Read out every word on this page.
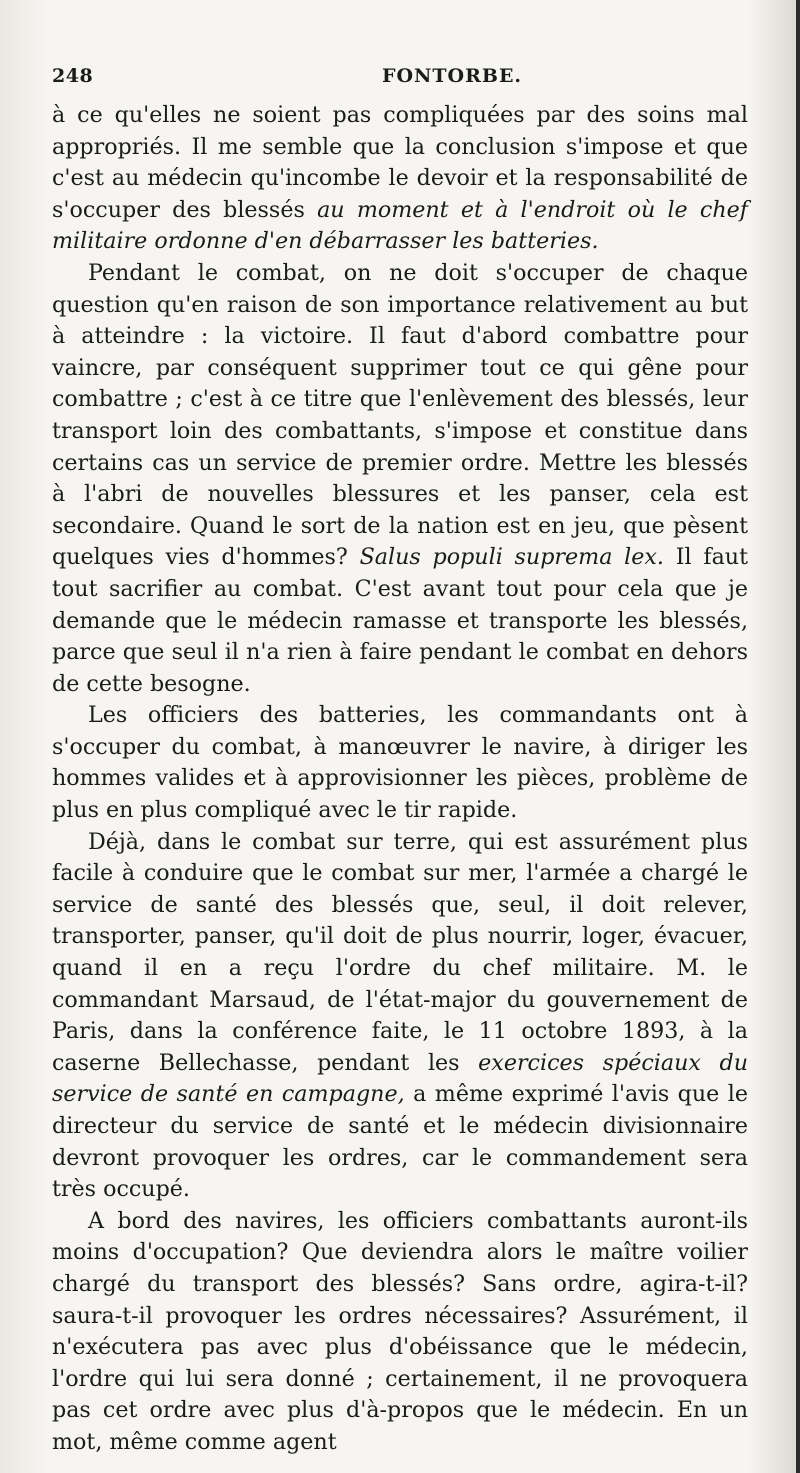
248	FONTORBE.

à ce qu'elles ne soient pas compliquées par des soins mal appropriés. Il me semble que la conclusion s'impose et que c'est au médecin qu'incombe le devoir et la responsabilité de s'occuper des blessés au moment et à l'endroit où le chef militaire ordonne d'en débarrasser les batteries.

Pendant le combat, on ne doit s'occuper de chaque question qu'en raison de son importance relativement au but à atteindre : la victoire. Il faut d'abord combattre pour vaincre, par conséquent supprimer tout ce qui gêne pour combattre ; c'est à ce titre que l'enlèvement des blessés, leur transport loin des combattants, s'impose et constitue dans certains cas un service de premier ordre. Mettre les blessés à l'abri de nouvelles blessures et les panser, cela est secondaire. Quand le sort de la nation est en jeu, que pèsent quelques vies d'hommes? Salus populi suprema lex. Il faut tout sacrifier au combat. C'est avant tout pour cela que je demande que le médecin ramasse et transporte les blessés, parce que seul il n'a rien à faire pendant le combat en dehors de cette besogne.

Les officiers des batteries, les commandants ont à s'occuper du combat, à manœuvrer le navire, à diriger les hommes valides et à approvisionner les pièces, problème de plus en plus compliqué avec le tir rapide.

Déjà, dans le combat sur terre, qui est assurément plus facile à conduire que le combat sur mer, l'armée a chargé le service de santé des blessés que, seul, il doit relever, transporter, panser, qu'il doit de plus nourrir, loger, évacuer, quand il en a reçu l'ordre du chef militaire. M. le commandant Marsaud, de l'état-major du gouvernement de Paris, dans la conférence faite, le 11 octobre 1893, à la caserne Bellechasse, pendant les exercices spéciaux du service de santé en campagne, a même exprimé l'avis que le directeur du service de santé et le médecin divisionnaire devront provoquer les ordres, car le commandement sera très occupé.

A bord des navires, les officiers combattants auront-ils moins d'occupation? Que deviendra alors le maître voilier chargé du transport des blessés? Sans ordre, agira-t-il? saura-t-il provoquer les ordres nécessaires? Assurément, il n'exécutera pas avec plus d'obéissance que le médecin, l'ordre qui lui sera donné ; certainement, il ne provoquera pas cet ordre avec plus d'à-propos que le médecin. En un mot, même comme agent
